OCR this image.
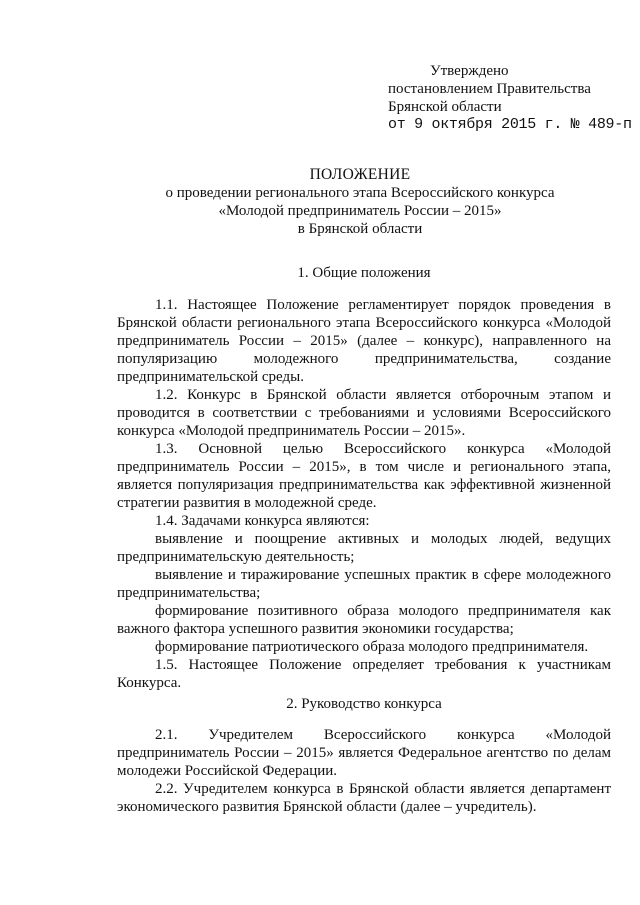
Утверждено
постановлением Правительства
Брянской области
от 9 октября 2015 г. № 489-п
ПОЛОЖЕНИЕ
о проведении регионального этапа Всероссийского конкурса
«Молодой предприниматель России – 2015»
в Брянской области
1. Общие положения

1.1. Настоящее Положение регламентирует порядок проведения в Брянской области регионального этапа Всероссийского конкурса «Молодой предприниматель России – 2015» (далее – конкурс), направленного на популяризацию молодежного предпринимательства, создание предпринимательской среды.

1.2. Конкурс в Брянской области является отборочным этапом и проводится в соответствии с требованиями и условиями Всероссийского конкурса «Молодой предприниматель России – 2015».

1.3. Основной целью Всероссийского конкурса «Молодой предприниматель России – 2015», в том числе и регионального этапа, является популяризация предпринимательства как эффективной жизненной стратегии развития в молодежной среде.

1.4. Задачами конкурса являются:

выявление и поощрение активных и молодых людей, ведущих предпринимательскую деятельность;

выявление и тиражирование успешных практик в сфере молодежного предпринимательства;

формирование позитивного образа молодого предпринимателя как важного фактора успешного развития экономики государства;

формирование патриотического образа молодого предпринимателя.

1.5. Настоящее Положение определяет требования к участникам Конкурса.

2. Руководство конкурса

2.1. Учредителем Всероссийского конкурса «Молодой предприниматель России – 2015» является Федеральное агентство по делам молодежи Российской Федерации.

2.2. Учредителем конкурса в Брянской области является департамент экономического развития Брянской области (далее – учредитель).
